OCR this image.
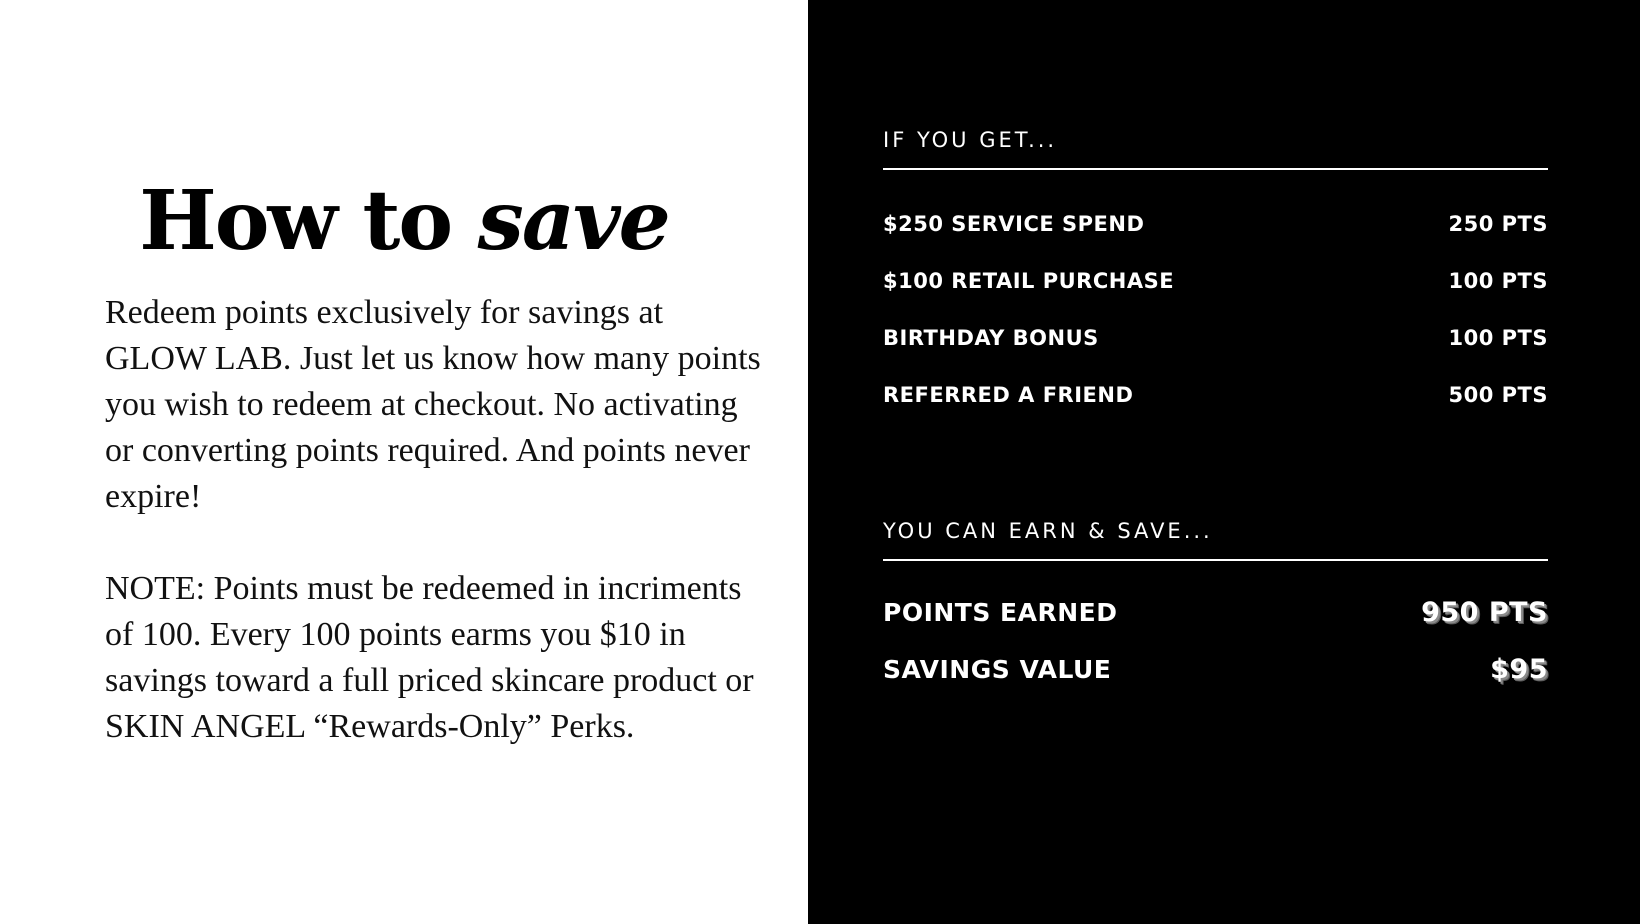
How to save

Redeem points exclusively for savings at GLOW LAB. Just let us know how many points you wish to redeem at checkout. No activating or converting points required. And points never expire!

NOTE: Points must be redeemed in incriments of 100. Every 100 points earms you $10 in savings toward a full priced skincare product or SKIN ANGEL “Rewards-Only” Perks.

IF YOU GET...

$250 SERVICE SPEND	250 PTS
$100 RETAIL PURCHASE	100 PTS
BIRTHDAY BONUS	100 PTS
REFERRED A FRIEND	500 PTS

YOU CAN EARN & SAVE...

POINTS EARNED	950 PTS
SAVINGS VALUE	$95
